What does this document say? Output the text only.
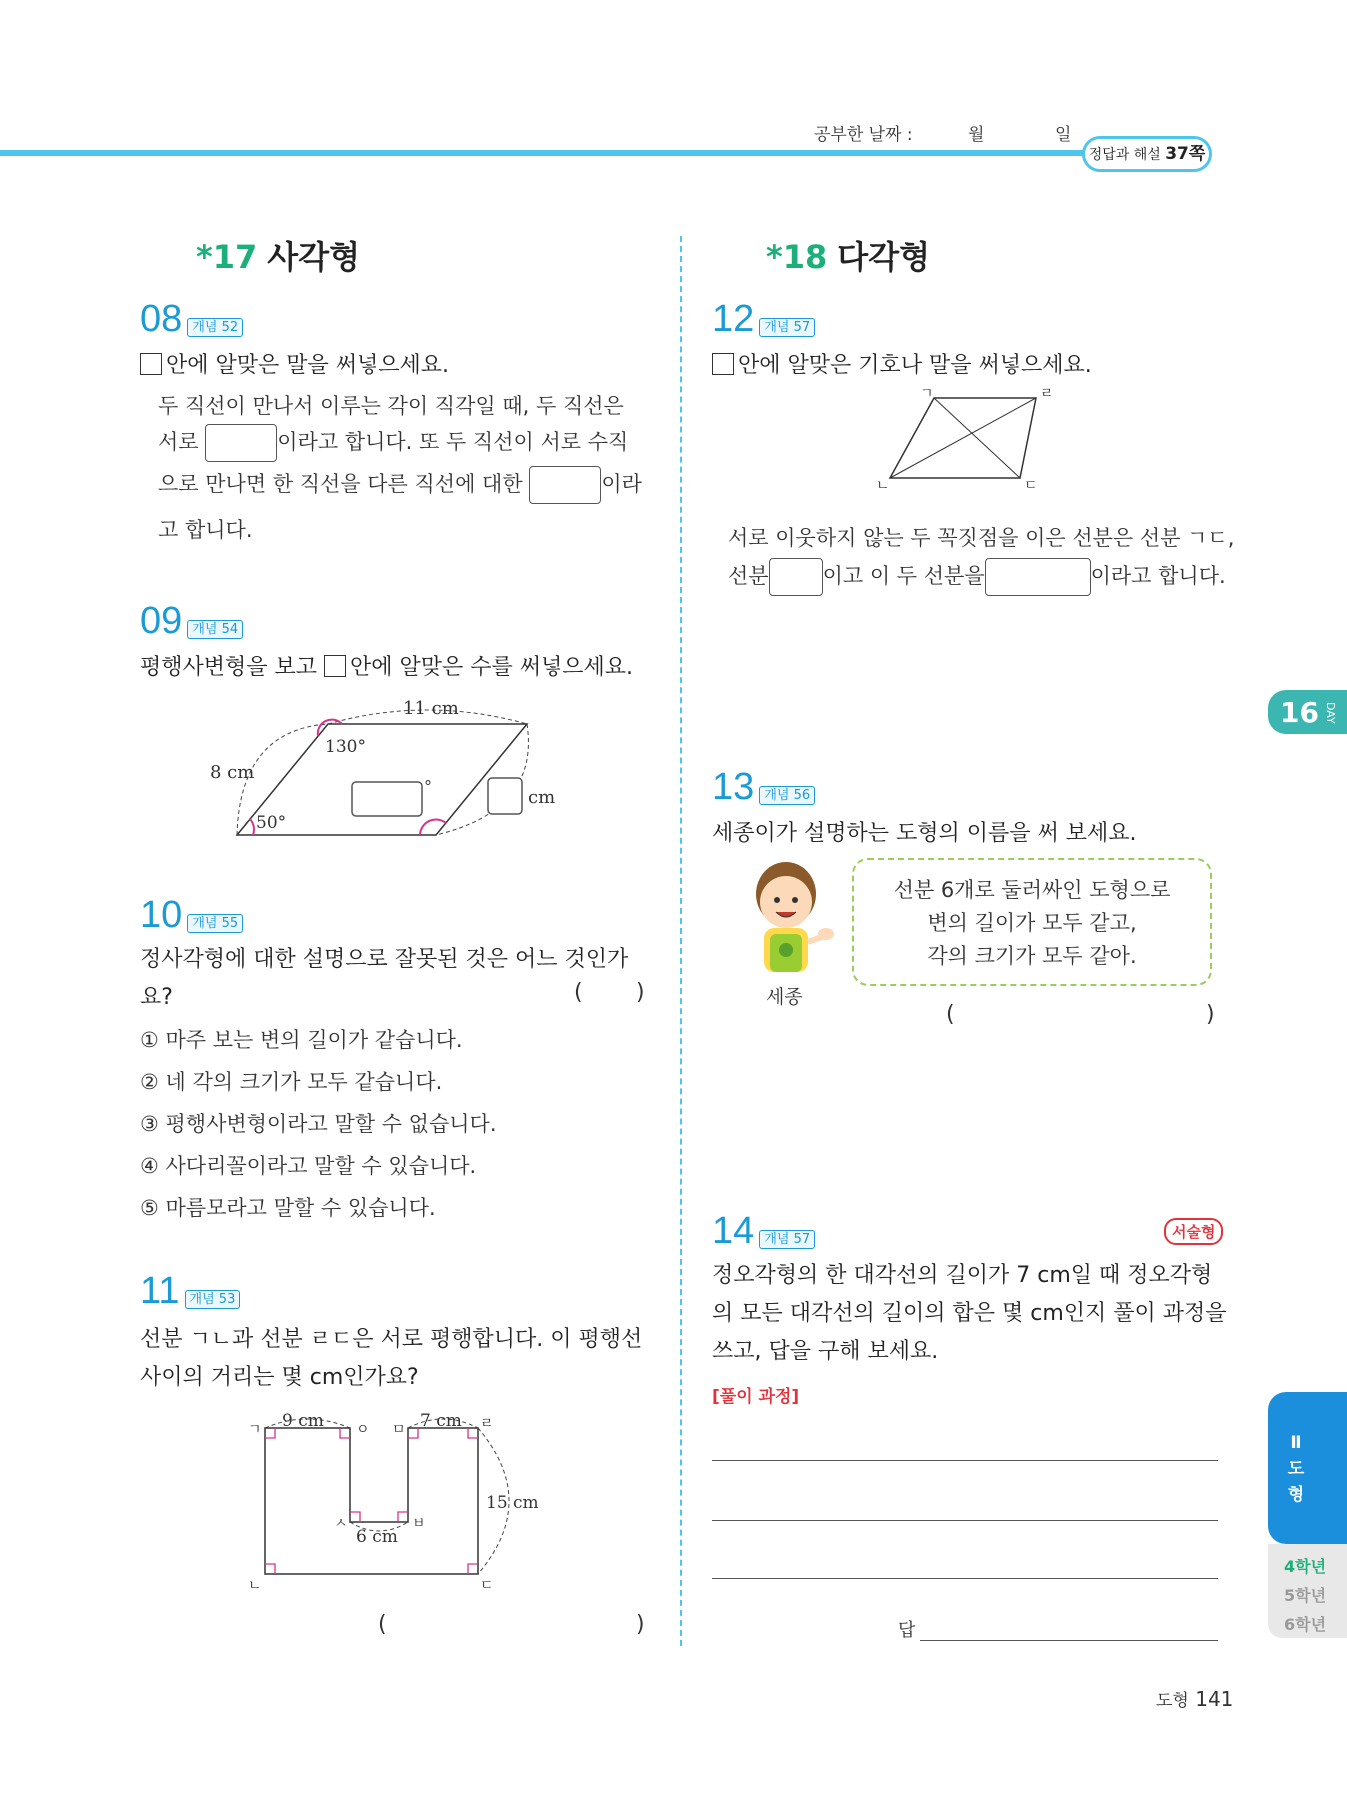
공부한 날짜 :	월	일
정답과 해설 37쪽
*17 사각형	*18 다각형
08 개념 52
안에 알맞은 말을 써넣으세요.
두 직선이 만나서 이루는 각이 직각일 때, 두 직선은
서로	이라고 합니다. 또 두 직선이 서로 수직
으로 만나면 한 직선을 다른 직선에 대한	이라
고 합니다.
09 개념 54
평행사변형을 보고 안에 알맞은 수를 써넣으세요.
11 cm
8 cm
130°
50°
°
cm
10 개념 55
정사각형에 대한 설명으로 잘못된 것은 어느 것인가
요?	( )
① 마주 보는 변의 길이가 같습니다.
② 네 각의 크기가 모두 같습니다.
③ 평행사변형이라고 말할 수 없습니다.
④ 사다리꼴이라고 말할 수 있습니다.
⑤ 마름모라고 말할 수 있습니다.
11 개념 53
선분 ㄱㄴ과 선분 ㄹㄷ은 서로 평행합니다. 이 평행선
사이의 거리는 몇 cm인가요?
9 cm	7 cm
15 cm
6 cm
ㄱ	ㅇ ㅁ	ㄹ
ㅅ	ㅂ
ㄴ	ㄷ
(	)
12 개념 57
안에 알맞은 기호나 말을 써넣으세요.
ㄱ	ㄹ
ㄴ	ㄷ
서로 이웃하지 않는 두 꼭짓점을 이은 선분은 선분 ㄱㄷ,
선분	이고 이 두 선분을	이라고 합니다.
13 개념 56
세종이가 설명하는 도형의 이름을 써 보세요.
세종
선분 6개로 둘러싸인 도형으로
변의 길이가 모두 같고,
각의 크기가 모두 같아.
(	)
14 개념 57	서술형
정오각형의 한 대각선의 길이가 7 cm일 때 정오각형
의 모든 대각선의 길이의 합은 몇 cm인지 풀이 과정을
쓰고, 답을 구해 보세요.
[풀이 과정]
답
16 DAY
Ⅱ
도
형
4학년
5학년
6학년
도형 141
